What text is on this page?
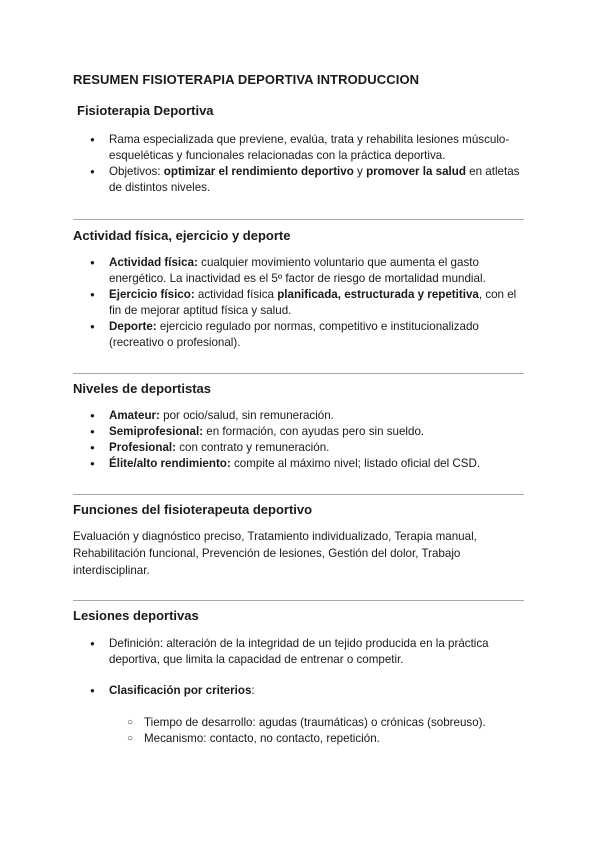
RESUMEN FISIOTERAPIA DEPORTIVA INTRODUCCION
Fisioterapia Deportiva
● Rama especializada que previene, evalúa, trata y rehabilita lesiones músculo-esqueléticas y funcionales relacionadas con la práctica deportiva.
● Objetivos: optimizar el rendimiento deportivo y promover la salud en atletas de distintos niveles.
Actividad física, ejercicio y deporte
● Actividad física: cualquier movimiento voluntario que aumenta el gasto energético. La inactividad es el 5º factor de riesgo de mortalidad mundial.
● Ejercicio físico: actividad física planificada, estructurada y repetitiva, con el fin de mejorar aptitud física y salud.
● Deporte: ejercicio regulado por normas, competitivo e institucionalizado (recreativo o profesional).
Niveles de deportistas
● Amateur: por ocio/salud, sin remuneración.
● Semiprofesional: en formación, con ayudas pero sin sueldo.
● Profesional: con contrato y remuneración.
● Élite/alto rendimiento: compite al máximo nivel; listado oficial del CSD.
Funciones del fisioterapeuta deportivo
Evaluación y diagnóstico preciso, Tratamiento individualizado, Terapia manual, Rehabilitación funcional, Prevención de lesiones, Gestión del dolor, Trabajo interdisciplinar.
Lesiones deportivas
● Definición: alteración de la integridad de un tejido producida en la práctica deportiva, que limita la capacidad de entrenar o competir.
● Clasificación por criterios:
○ Tiempo de desarrollo: agudas (traumáticas) o crónicas (sobreuso).
○ Mecanismo: contacto, no contacto, repetición.
